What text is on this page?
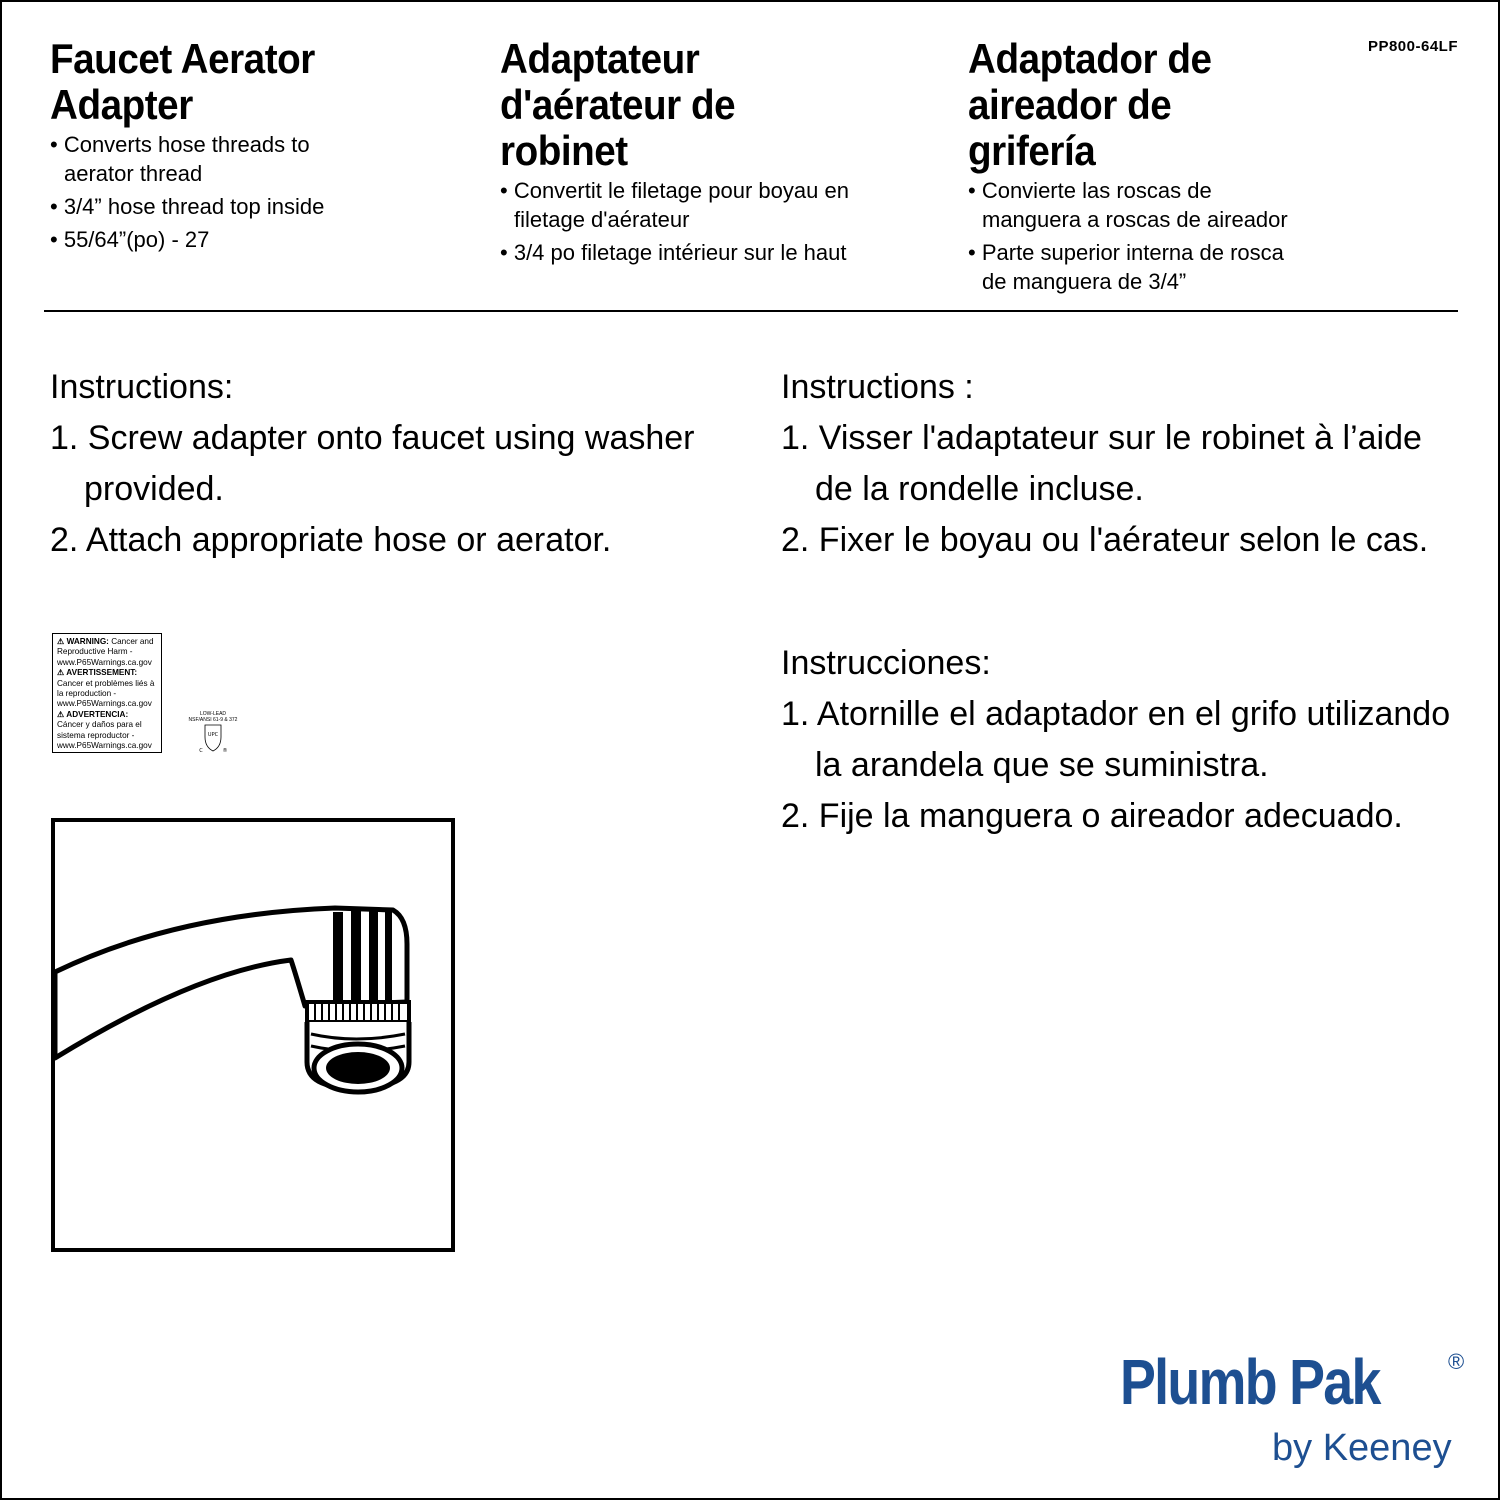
PP800-64LF
Faucet Aerator
Adapter
• Converts hose threads to aerator thread
• 3/4” hose thread top inside
• 55/64”(po) - 27
Adaptateur
d'aérateur de
robinet
• Convertit le filetage pour boyau en filetage d'aérateur
• 3/4 po filetage intérieur sur le haut
Adaptador de
aireador de
grifería
• Convierte las roscas de manguera a roscas de aireador
• Parte superior interna de rosca de manguera de 3/4”
Instructions:
1. Screw adapter onto faucet using washer provided.
2. Attach appropriate hose or aerator.
Instructions :
1. Visser l'adaptateur sur le robinet à l’aide de la rondelle incluse.
2. Fixer le boyau ou l'aérateur selon le cas.
Instrucciones:
1. Atornille el adaptador en el grifo utilizando la arandela que se suministra.
2. Fije la manguera o aireador adecuado.
⚠ WARNING: Cancer and Reproductive Harm - www.P65Warnings.ca.gov
⚠ AVERTISSEMENT:
Cancer et problèmes liés à la reproduction - www.P65Warnings.ca.gov
⚠ ADVERTENCIA:
Cáncer y daños para el sistema reproductor - www.P65Warnings.ca.gov
LOW-LEAD
NSF/ANSI 61-9 & 372
UPC
C	®
Plumb Pak	®
by Keeney
